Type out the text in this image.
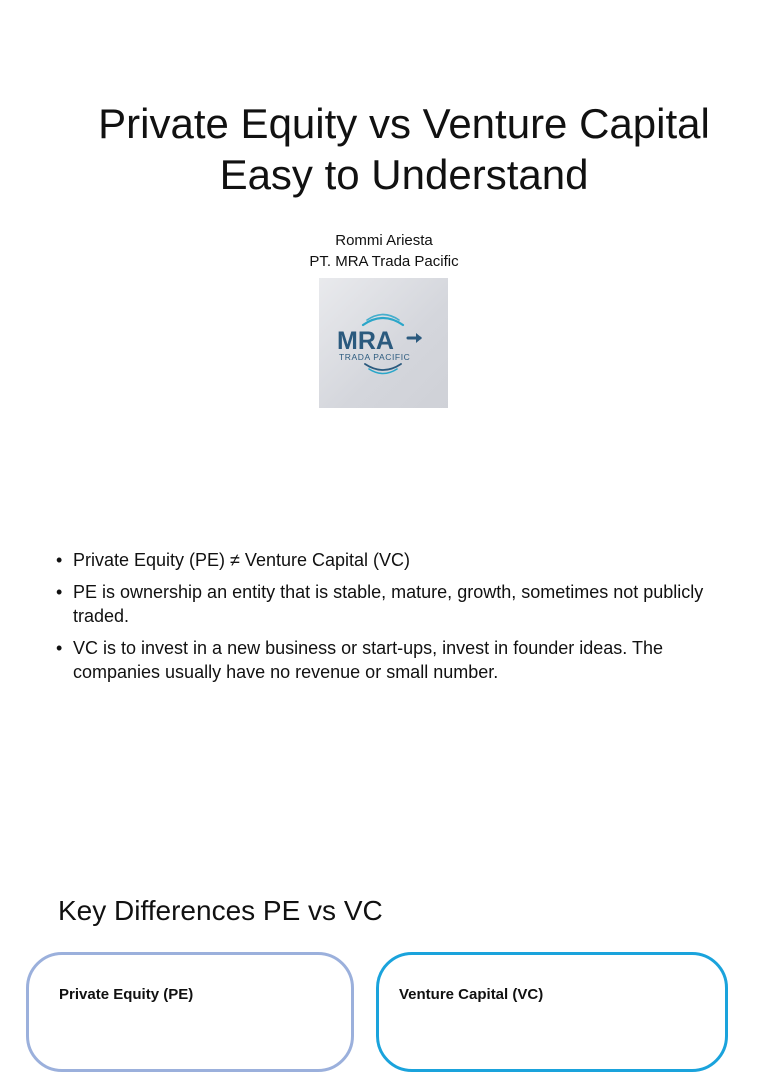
Private Equity vs Venture Capital
Easy to Understand
Rommi Ariesta
PT. MRA Trada Pacific
MRA
TRADA PACIFIC
• Private Equity (PE) ≠ Venture Capital (VC)
• PE is ownership an entity that is stable, mature, growth, sometimes not publicly traded.
• VC is to invest in a new business or start-ups, invest in founder ideas. The companies usually have no revenue or small number.
Key Differences PE vs VC
Private Equity (PE)	Venture Capital (VC)
